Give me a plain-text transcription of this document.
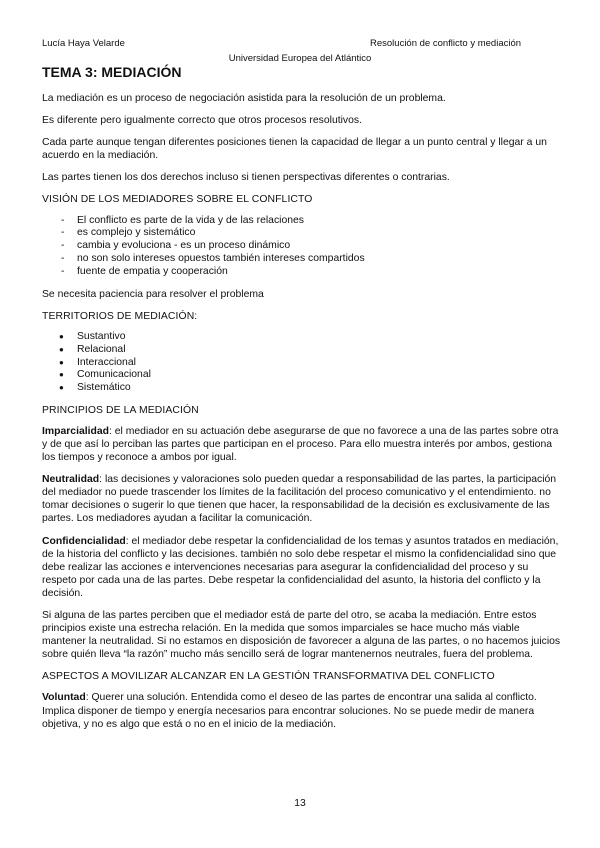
Lucía Haya Velarde	Resolución de conflicto y mediación
Universidad Europea del Atlántico
TEMA 3: MEDIACIÓN

La mediación es un proceso de negociación asistida para la resolución de un problema.

Es diferente pero igualmente correcto que otros procesos resolutivos.

Cada parte aunque tengan diferentes posiciones tienen la capacidad de llegar a un punto central y llegar a un acuerdo en la mediación.

Las partes tienen los dos derechos incluso si tienen perspectivas diferentes o contrarias.

VISIÓN DE LOS MEDIADORES SOBRE EL CONFLICTO
- El conflicto es parte de la vida y de las relaciones
- es complejo y sistemático
- cambia y evoluciona - es un proceso dinámico
- no son solo intereses opuestos también intereses compartidos
- fuente de empatia y cooperación

Se necesita paciencia para resolver el problema

TERRITORIOS DE MEDIACIÓN:
● Sustantivo
● Relacional
● Interaccional
● Comunicacional
● Sistemático
PRINCIPIOS DE LA MEDIACIÓN
Imparcialidad: el mediador en su actuación debe asegurarse de que no favorece a una de las partes sobre otra y de que así lo perciban las partes que participan en el proceso. Para ello muestra interés por ambos, gestiona los tiempos y reconoce a ambos por igual.
Neutralidad: las decisiones y valoraciones solo pueden quedar a responsabilidad de las partes, la participación del mediador no puede trascender los límites de la facilitación del proceso comunicativo y el entendimiento. no tomar decisiones o sugerir lo que tienen que hacer, la responsabilidad de la decisión es exclusivamente de las partes. Los mediadores ayudan a facilitar la comunicación.
Confidencialidad: el mediador debe respetar la confidencialidad de los temas y asuntos tratados en mediación, de la historia del conflicto y las decisiones. también no solo debe respetar el mismo la confidencialidad sino que debe realizar las acciones e intervenciones necesarias para asegurar la confidencialidad del proceso y su respeto por cada una de las partes. Debe respetar la confidencialidad del asunto, la historia del conflicto y la decisión.

Si alguna de las partes perciben que el mediador está de parte del otro, se acaba la mediación. Entre estos principios existe una estrecha relación. En la medida que somos imparciales se hace mucho más viable mantener la neutralidad. Si no estamos en disposición de favorecer a alguna de las partes, o no hacemos juicios sobre quién lleva “la razón” mucho más sencillo será de lograr mantenernos neutrales, fuera del problema.

ASPECTOS A MOVILIZAR ALCANZAR EN LA GESTIÓN TRANSFORMATIVA DEL CONFLICTO
Voluntad: Querer una solución. Entendida como el deseo de las partes de encontrar una salida al conflicto. Implica disponer de tiempo y energía necesarios para encontrar soluciones. No se puede medir de manera objetiva, y no es algo que está o no en el inicio de la mediación.
13
